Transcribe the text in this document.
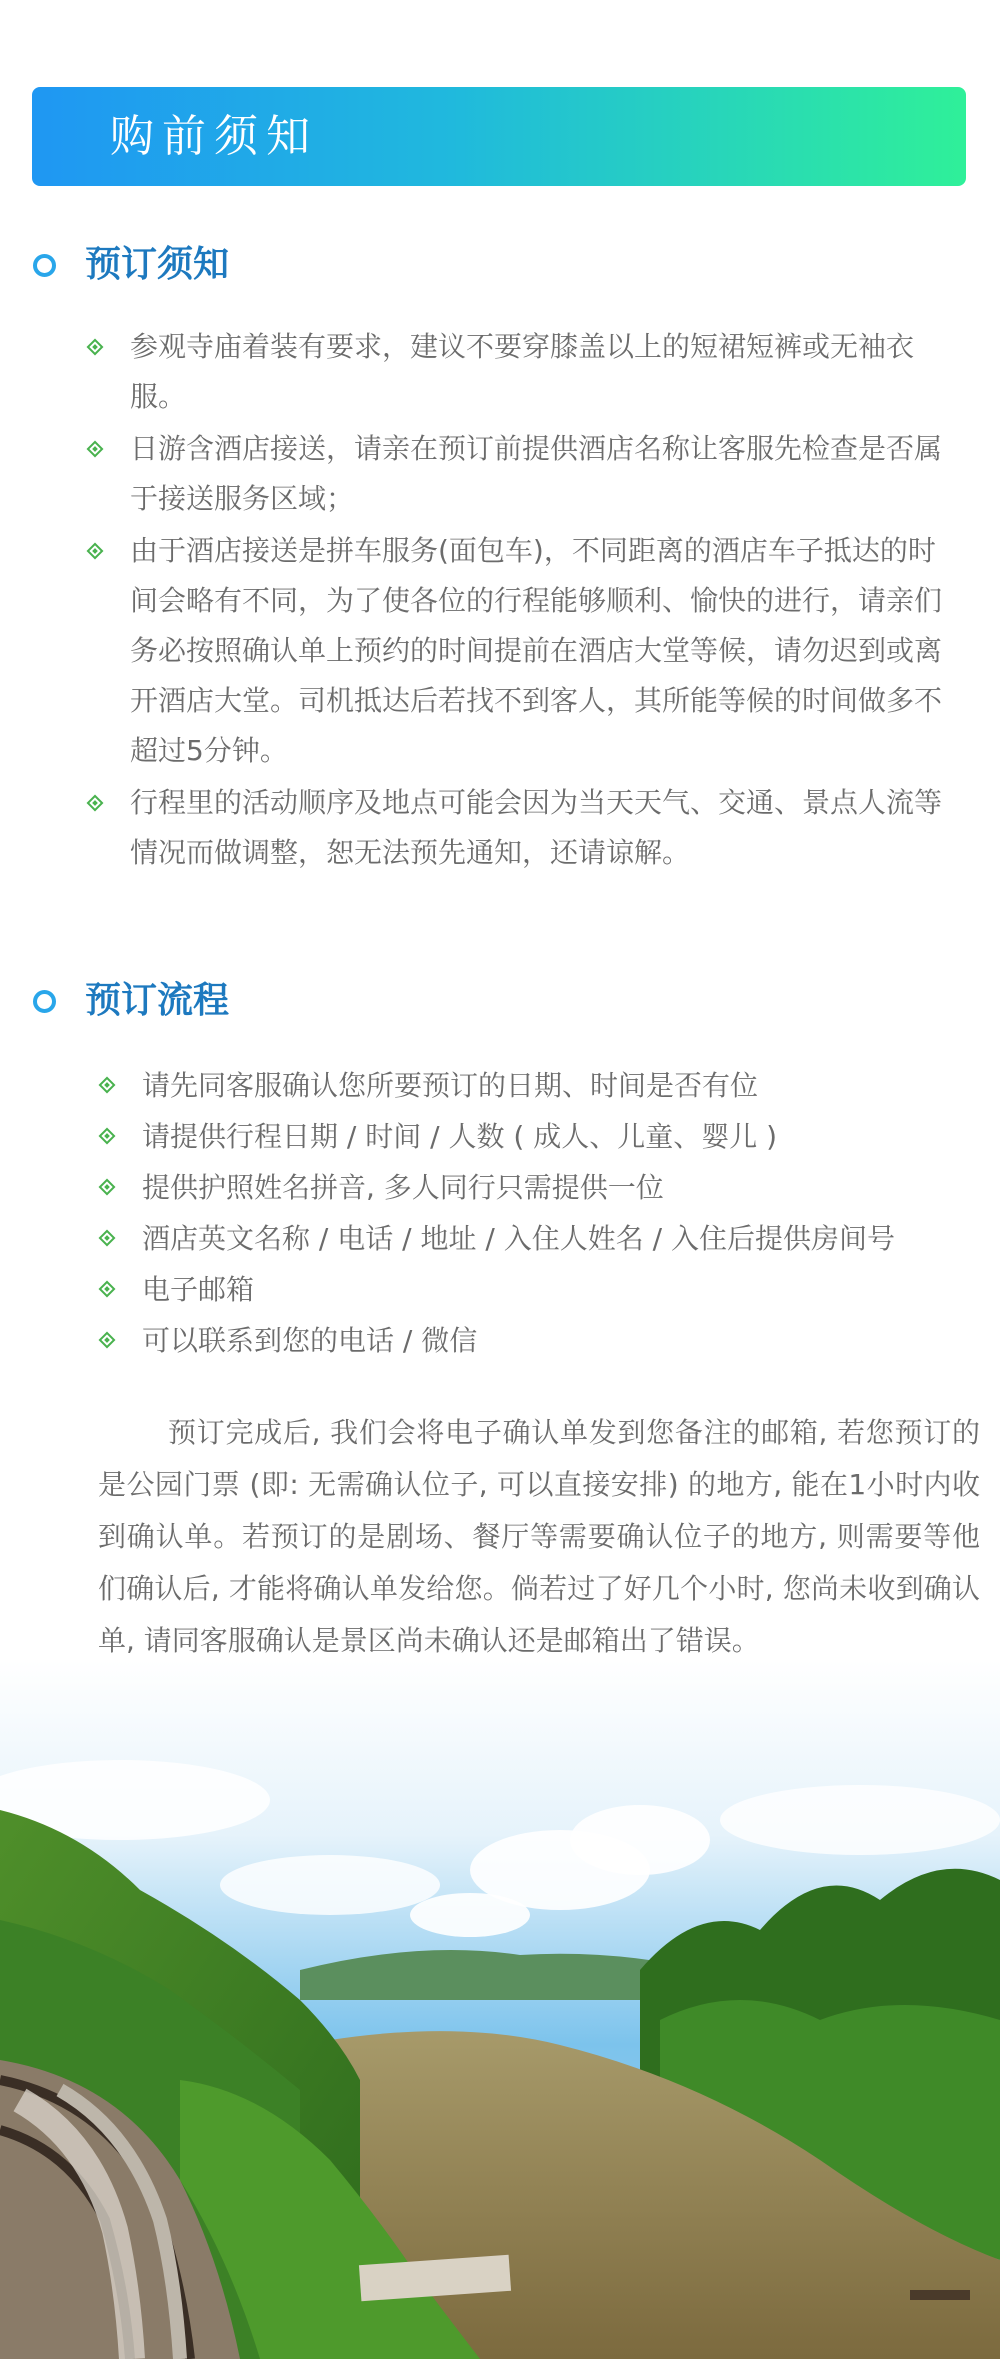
购前须知
预订须知
参观寺庙着装有要求，建议不要穿膝盖以上的短裙短裤或无袖衣服。
日游含酒店接送，请亲在预订前提供酒店名称让客服先检查是否属于接送服务区域；
由于酒店接送是拼车服务(面包车)，不同距离的酒店车子抵达的时间会略有不同，为了使各位的行程能够顺利、愉快的进行，请亲们务必按照确认单上预约的时间提前在酒店大堂等候，请勿迟到或离开酒店大堂。司机抵达后若找不到客人，其所能等候的时间做多不超过5分钟。
行程里的活动顺序及地点可能会因为当天天气、交通、景点人流等情况而做调整，恕无法预先通知，还请谅解。
预订流程
请先同客服确认您所要预订的日期、时间是否有位
请提供行程日期 / 时间 / 人数 ( 成人、儿童、婴儿 )
提供护照姓名拼音, 多人同行只需提供一位
酒店英文名称 / 电话 / 地址 / 入住人姓名 / 入住后提供房间号
电子邮箱
可以联系到您的电话 / 微信

预订完成后, 我们会将电子确认单发到您备注的邮箱, 若您预订的是公园门票 (即: 无需确认位子, 可以直接安排) 的地方, 能在1小时内收到确认单。若预订的是剧场、餐厅等需要确认位子的地方, 则需要等他们确认后, 才能将确认单发给您。倘若过了好几个小时, 您尚未收到确认单, 请同客服确认是景区尚未确认还是邮箱出了错误。
